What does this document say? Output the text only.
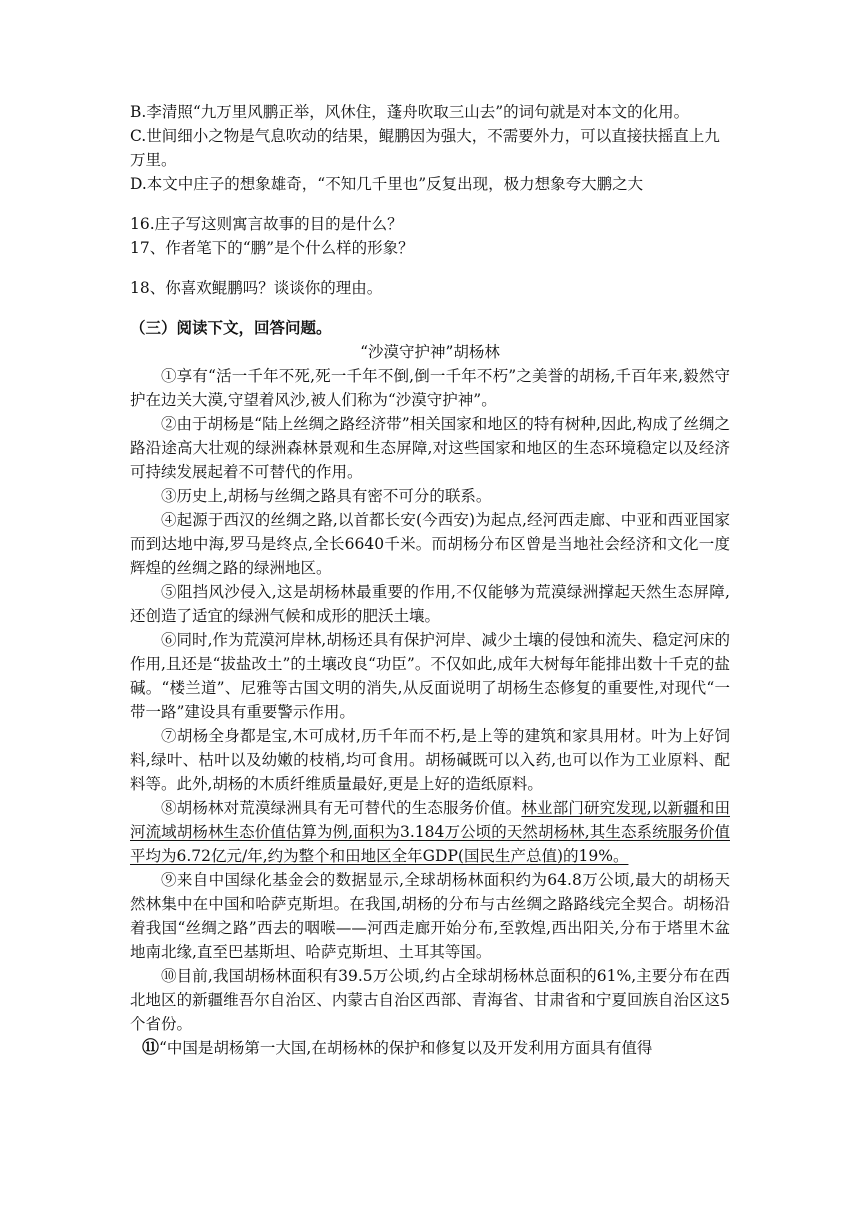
B.李清照“九万里风鹏正举，风休住，蓬舟吹取三山去”的词句就是对本文的化用。

C.世间细小之物是气息吹动的结果，鲲鹏因为强大，不需要外力，可以直接扶摇直上九万里。

D.本文中庄子的想象雄奇，“不知几千里也”反复出现，极力想象夸大鹏之大

16.庄子写这则寓言故事的目的是什么？

17、作者笔下的“鹏”是个什么样的形象？

18、你喜欢鲲鹏吗？谈谈你的理由。

（三）阅读下文，回答问题。

“沙漠守护神”胡杨林

①享有“活一千年不死,死一千年不倒,倒一千年不朽”之美誉的胡杨,千百年来,毅然守护在边关大漠,守望着风沙,被人们称为“沙漠守护神”。

②由于胡杨是“陆上丝绸之路经济带”相关国家和地区的特有树种,因此,构成了丝绸之路沿途高大壮观的绿洲森林景观和生态屏障,对这些国家和地区的生态环境稳定以及经济可持续发展起着不可替代的作用。

③历史上,胡杨与丝绸之路具有密不可分的联系。

④起源于西汉的丝绸之路,以首都长安(今西安)为起点,经河西走廊、中亚和西亚国家而到达地中海,罗马是终点,全长6640千米。而胡杨分布区曾是当地社会经济和文化一度辉煌的丝绸之路的绿洲地区。

⑤阻挡风沙侵入,这是胡杨林最重要的作用,不仅能够为荒漠绿洲撑起天然生态屏障,还创造了适宜的绿洲气候和成形的肥沃土壤。

⑥同时,作为荒漠河岸林,胡杨还具有保护河岸、减少土壤的侵蚀和流失、稳定河床的作用,且还是“拔盐改土”的土壤改良“功臣”。不仅如此,成年大树每年能排出数十千克的盐碱。“楼兰道”、尼雅等古国文明的消失,从反面说明了胡杨生态修复的重要性,对现代“一带一路”建设具有重要警示作用。

⑦胡杨全身都是宝,木可成材,历千年而不朽,是上等的建筑和家具用材。叶为上好饲料,绿叶、枯叶以及幼嫩的枝梢,均可食用。胡杨碱既可以入药,也可以作为工业原料、配料等。此外,胡杨的木质纤维质量最好,更是上好的造纸原料。

⑧胡杨林对荒漠绿洲具有无可替代的生态服务价值。林业部门研究发现,以新疆和田河流域胡杨林生态价值估算为例,面积为3.184万公顷的天然胡杨林,其生态系统服务价值平均为6.72亿元/年,约为整个和田地区全年GDP(国民生产总值)的19%。

⑨来自中国绿化基金会的数据显示,全球胡杨林面积约为64.8万公顷,最大的胡杨天然林集中在中国和哈萨克斯坦。在我国,胡杨的分布与古丝绸之路路线完全契合。胡杨沿着我国“丝绸之路”西去的咽喉——河西走廊开始分布,至敦煌,西出阳关,分布于塔里木盆地南北缘,直至巴基斯坦、哈萨克斯坦、土耳其等国。

⑩目前,我国胡杨林面积有39.5万公顷,约占全球胡杨林总面积的61%,主要分布在西北地区的新疆维吾尔自治区、内蒙古自治区西部、青海省、甘肃省和宁夏回族自治区这5个省份。

⑪“中国是胡杨第一大国,在胡杨林的保护和修复以及开发利用方面具有值得
